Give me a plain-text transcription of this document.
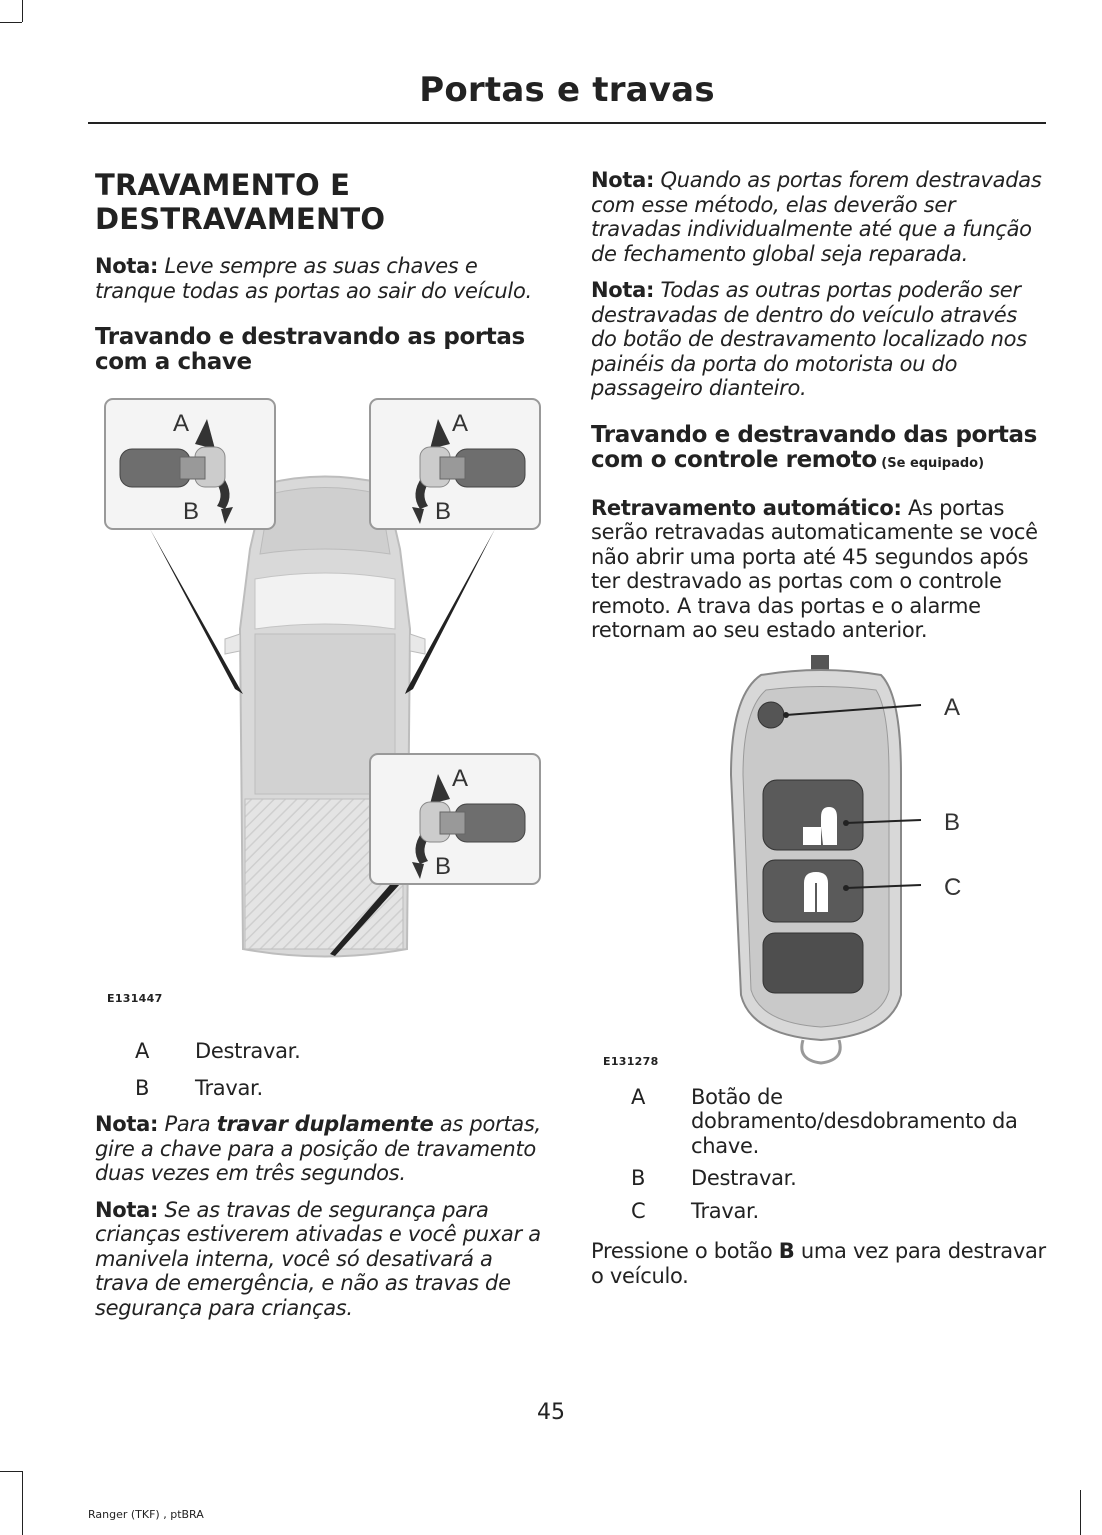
Portas e travas
TRAVAMENTO E DESTRAVAMENTO

Nota: Leve sempre as suas chaves e tranque todas as portas ao sair do veículo.

Travando e destravando as portas com a chave
A
B
A
B
A
B
E131447
A	Destravar.
B	Travar.

Nota: Para travar duplamente as portas, gire a chave para a posição de travamento duas vezes em três segundos.

Nota: Se as travas de segurança para crianças estiverem ativadas e você puxar a manivela interna, você só desativará a trava de emergência, e não as travas de segurança para crianças.

Nota: Quando as portas forem destravadas com esse método, elas deverão ser travadas individualmente até que a função de fechamento global seja reparada.

Nota: Todas as outras portas poderão ser destravadas de dentro do veículo através do botão de destravamento localizado nos painéis da porta do motorista ou do passageiro dianteiro.

Travando e destravando das portas com o controle remoto (Se equipado)

Retravamento automático: As portas serão retravadas automaticamente se você não abrir uma porta até 45 segundos após ter destravado as portas com o controle remoto. A trava das portas e o alarme retornam ao seu estado anterior.

A
B
C
E131278
A	Botão de dobramento/desdobramento da chave.
B	Destravar.
C	Travar.

Pressione o botão B uma vez para destravar o veículo.

45
Ranger (TKF) , ptBRA
